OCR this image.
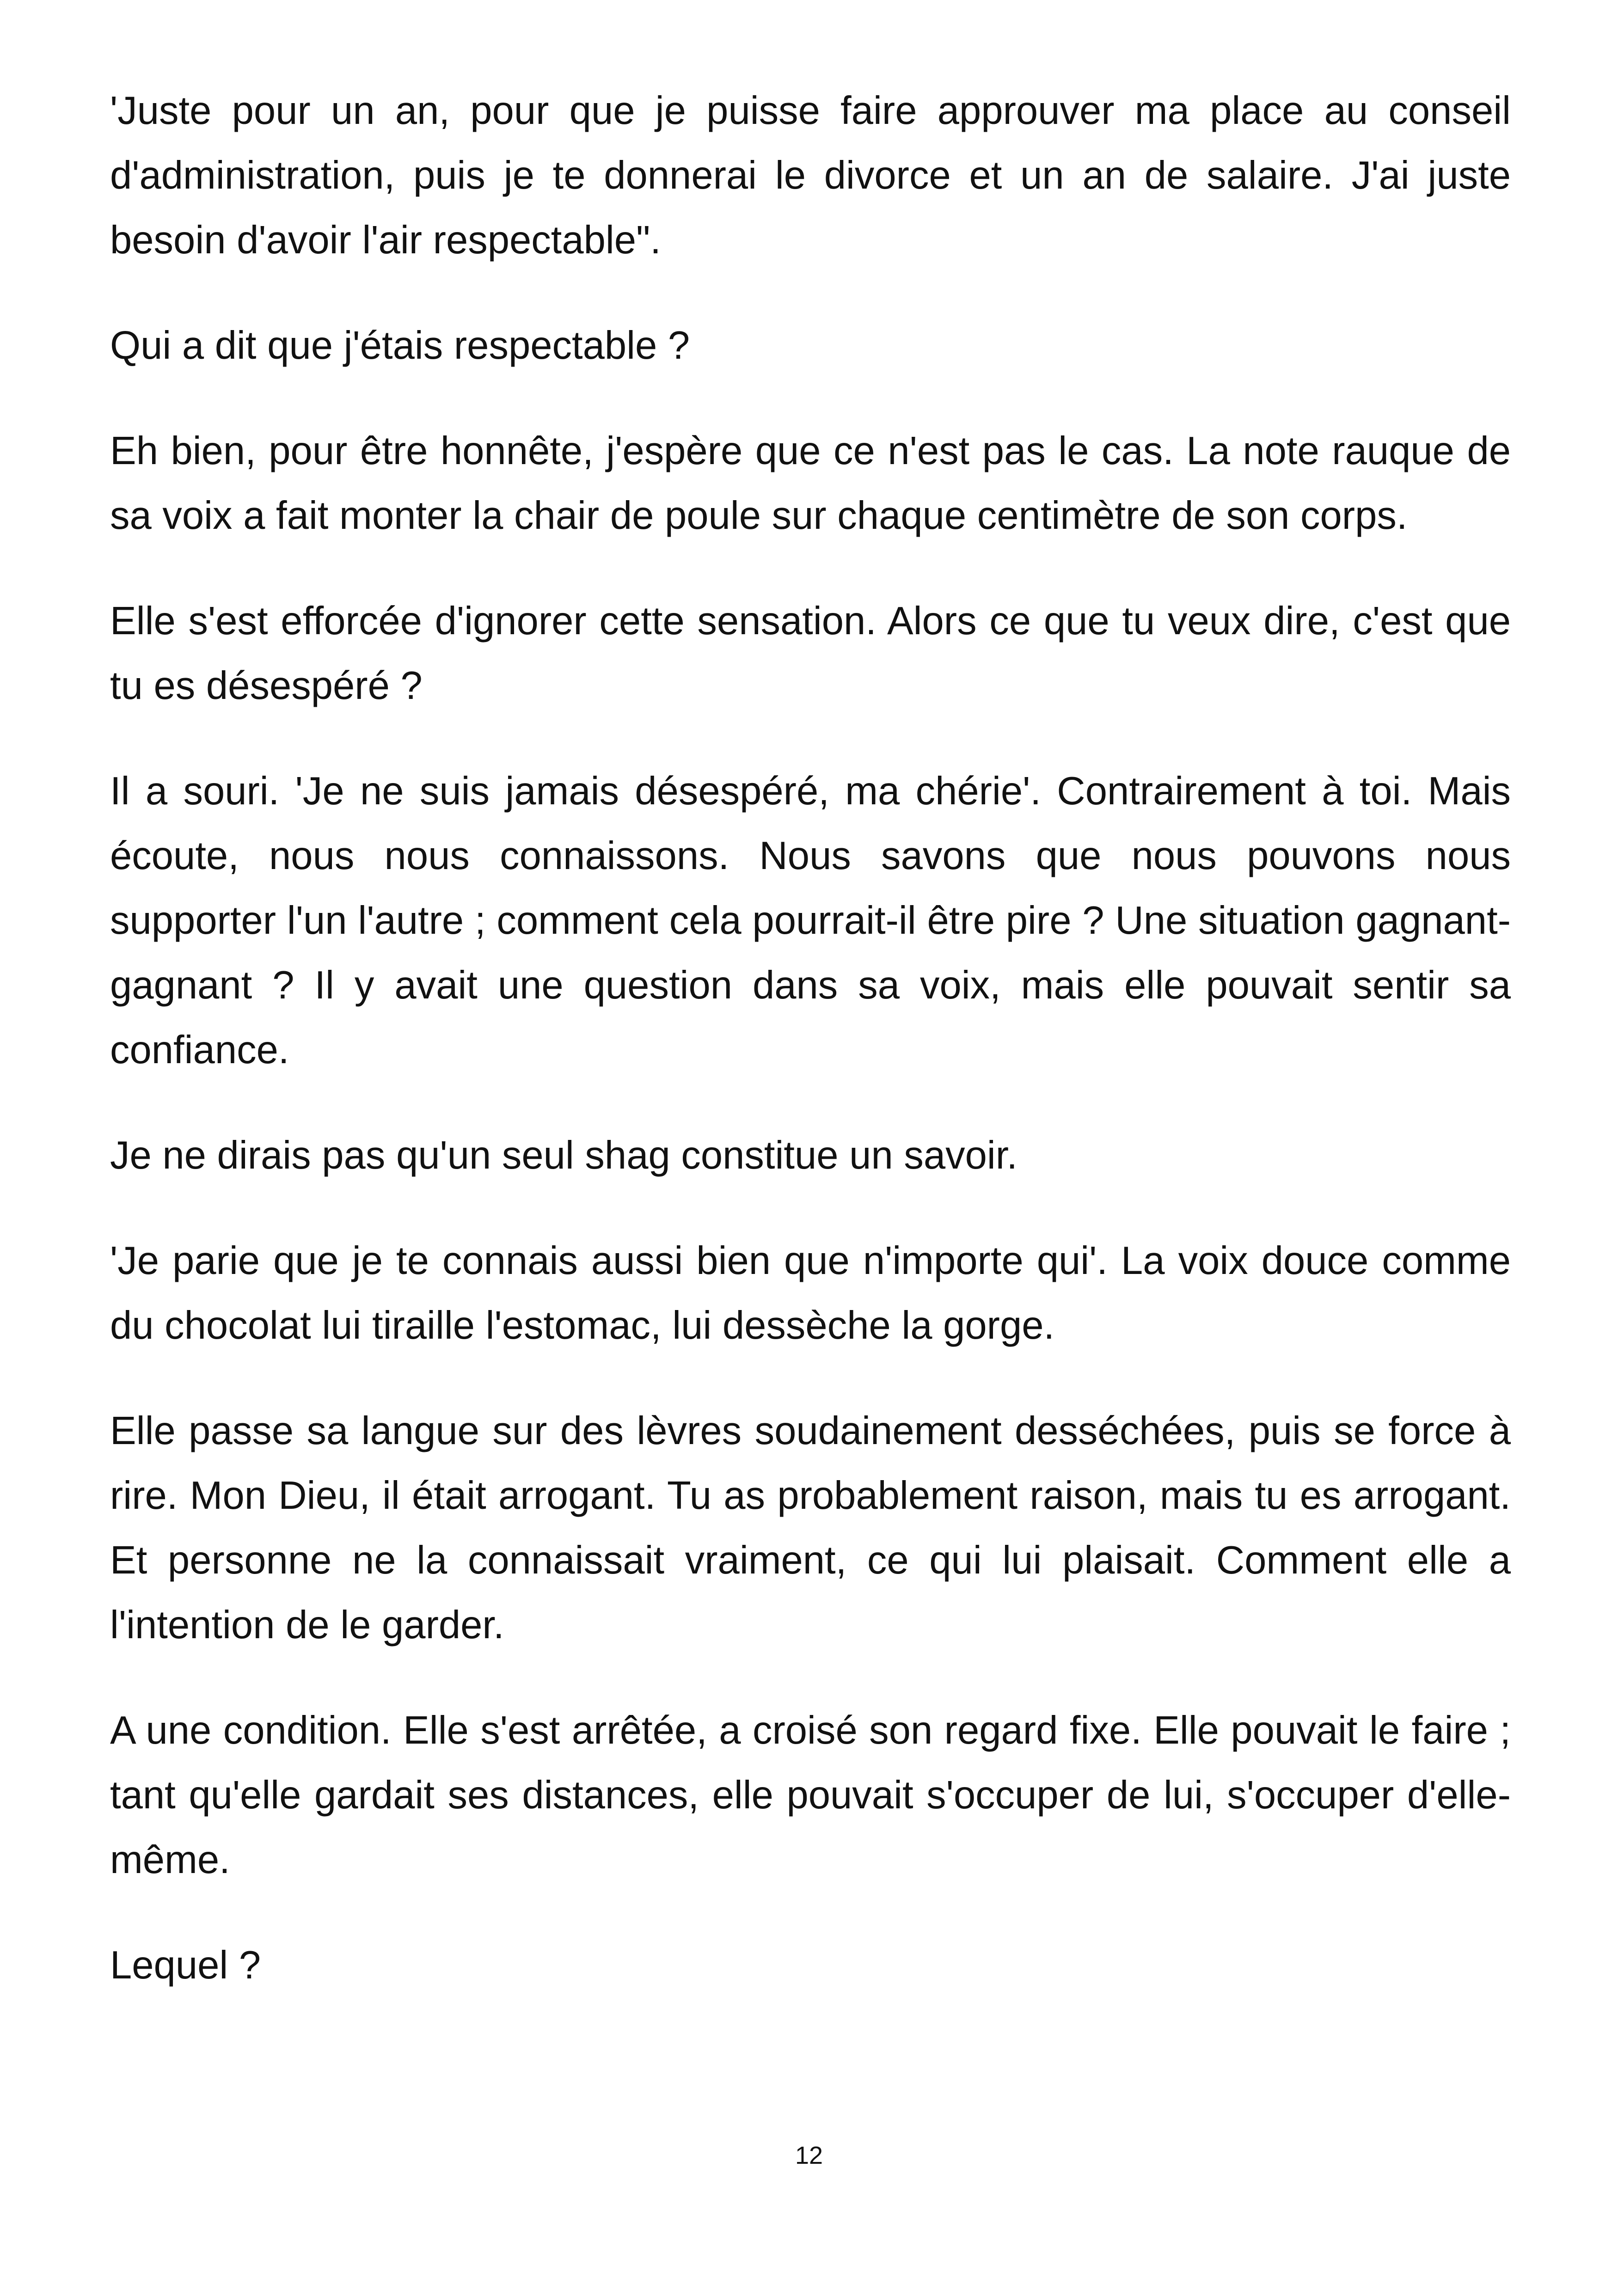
'Juste pour un an, pour que je puisse faire approuver ma place au conseil d'administration, puis je te donnerai le divorce et un an de salaire. J'ai juste besoin d'avoir l'air respectable".

Qui a dit que j'étais respectable ?

Eh bien, pour être honnête, j'espère que ce n'est pas le cas. La note rauque de sa voix a fait monter la chair de poule sur chaque centimètre de son corps.

Elle s'est efforcée d'ignorer cette sensation. Alors ce que tu veux dire, c'est que tu es désespéré ?

Il a souri. 'Je ne suis jamais désespéré, ma chérie'. Contrairement à toi. Mais écoute, nous nous connaissons. Nous savons que nous pouvons nous supporter l'un l'autre ; comment cela pourrait-il être pire ? Une situation gagnant-gagnant ? Il y avait une question dans sa voix, mais elle pouvait sentir sa confiance.

Je ne dirais pas qu'un seul shag constitue un savoir.

'Je parie que je te connais aussi bien que n'importe qui'. La voix douce comme du chocolat lui tiraille l'estomac, lui dessèche la gorge.

Elle passe sa langue sur des lèvres soudainement desséchées, puis se force à rire. Mon Dieu, il était arrogant. Tu as probablement raison, mais tu es arrogant. Et personne ne la connaissait vraiment, ce qui lui plaisait. Comment elle a l'intention de le garder.

A une condition. Elle s'est arrêtée, a croisé son regard fixe. Elle pouvait le faire ; tant qu'elle gardait ses distances, elle pouvait s'occuper de lui, s'occuper d'elle-même.

Lequel ?

12
